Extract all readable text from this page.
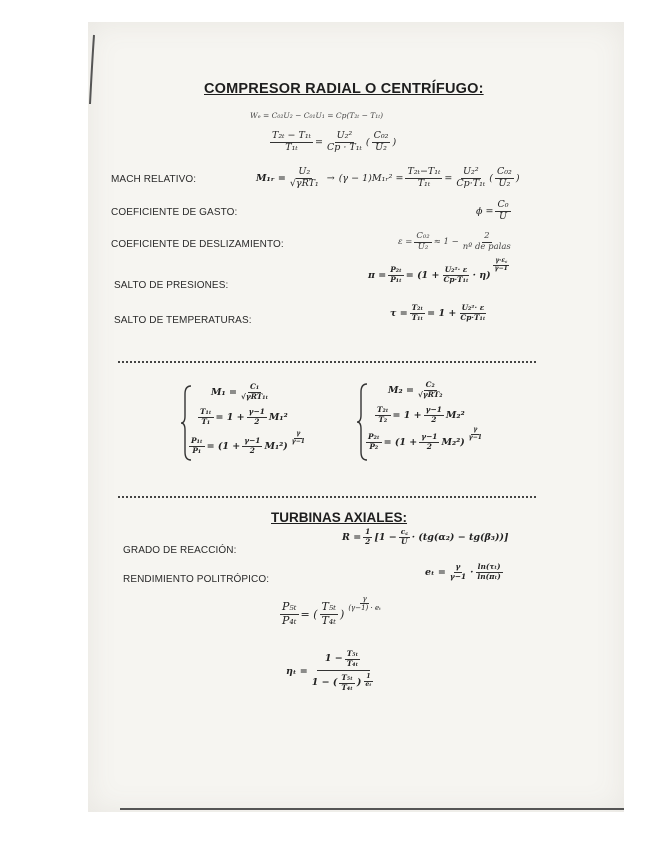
COMPRESOR RADIAL O CENTRÍFUGO:
Wₑ = C₀₂U₂ − C₀₁U₁ = Cp(T₂ₜ − T₁ₜ)
$\frac{\text{T₂ₜ − T₁ₜ}}{\text{T₁ₜ}} = \frac{\text{U₂²}}{\text{Cp · T₁ₜ}}$ ( $\frac{\text{C₀₂}}{\text{U₂}}$ )
MACH RELATIVO:	M₁ᵣ = $\frac{\text{U₂}}{\text{√γRT₁}} \to (\gamma$ − 1)M₁ᵣ² = $\frac{\text{T₂ₜ−T₁ₜ}}{\text{T₁ₜ}} = \frac{\text{U₂²}}{\text{Cp·T₁ₜ}}$ ( $\frac{\text{C₀₂}}{\text{U₂}}$ )
COEFICIENTE DE GASTO:	$\phi = \frac{\text{C₀}}{U}$
COEFICIENTE DE DESLIZAMIENTO:	$\varepsilon = \frac{\text{C₀₂}}{\text{U₂}} \approx 1 - \frac{2}{\text{nº de palas}}$
SALTO DE PRESIONES:
$\pi = \frac{\text{P₂ₜ}}{\text{P₁ₜ}} = (1 + \frac{\text{U₂²· ε}}{\text{Cp·T₁ₜ}} \cdot \eta)$
$\frac{\gamma\cdot\varepsilon꜀}{\gamma-1}$
SALTO DE TEMPERATURAS:
$\tau = \frac{\text{T₂ₜ}}{\text{T₁ₜ}} = 1 + \frac{\text{U₂²· ε}}{\text{Cp·T₁ₜ}}$
$M_1 = \frac{\text{C₁}}{\text{√γRT₁ₜ}}$
$\frac{\text{T₁ₜ}}{\text{T₁}} = 1 + \frac{\gamma-1}{2} M_1^2$
$\frac{\text{P₁ₜ}}{\text{P₁}} = (1 + \frac{\gamma-1}{2} M_1^2)$
$\frac{\gamma}{\gamma-1}$
$M_2 = \frac{\text{C₂}}{\text{√γRT₂}}$
$\frac{\text{T₂ₜ}}{\text{T₂}} = 1 + \frac{\gamma-1}{2} M_2^2$
$\frac{\text{P₂ₜ}}{\text{P₂}} = (1 + \frac{\gamma-1}{2} M_2^2)$
$\frac{\gamma}{\gamma-1}$
TURBINAS AXIALES:
GRADO DE REACCIÓN:
$R = \frac{1}{2} [1 - \frac{c꜀}{U} \cdot (tg(\alpha_2) - tg(\beta_3))]$
RENDIMIENTO POLITRÓPICO:
$e_t = \frac{\gamma}{\gamma-1} \cdot \frac{\text{ln(τₜ)}}{\text{ln(πₜ)}}$
$\frac{\text{P₅ₜ}}{\text{P₄ₜ}}$ = ( $\frac{\text{T₅ₜ}}{\text{T₄ₜ}}$ )
$\frac{\gamma}{\text{(γ−1) · eₜ}}$
$\eta_t = \frac{1 - \frac{\text{T₅ₜ}}{\text{T₄ₜ}}}{1 - ( \frac{\text{T₅ₜ}}{\text{T₄ₜ}} ) \frac{1}{\text{eₜ}}}$
